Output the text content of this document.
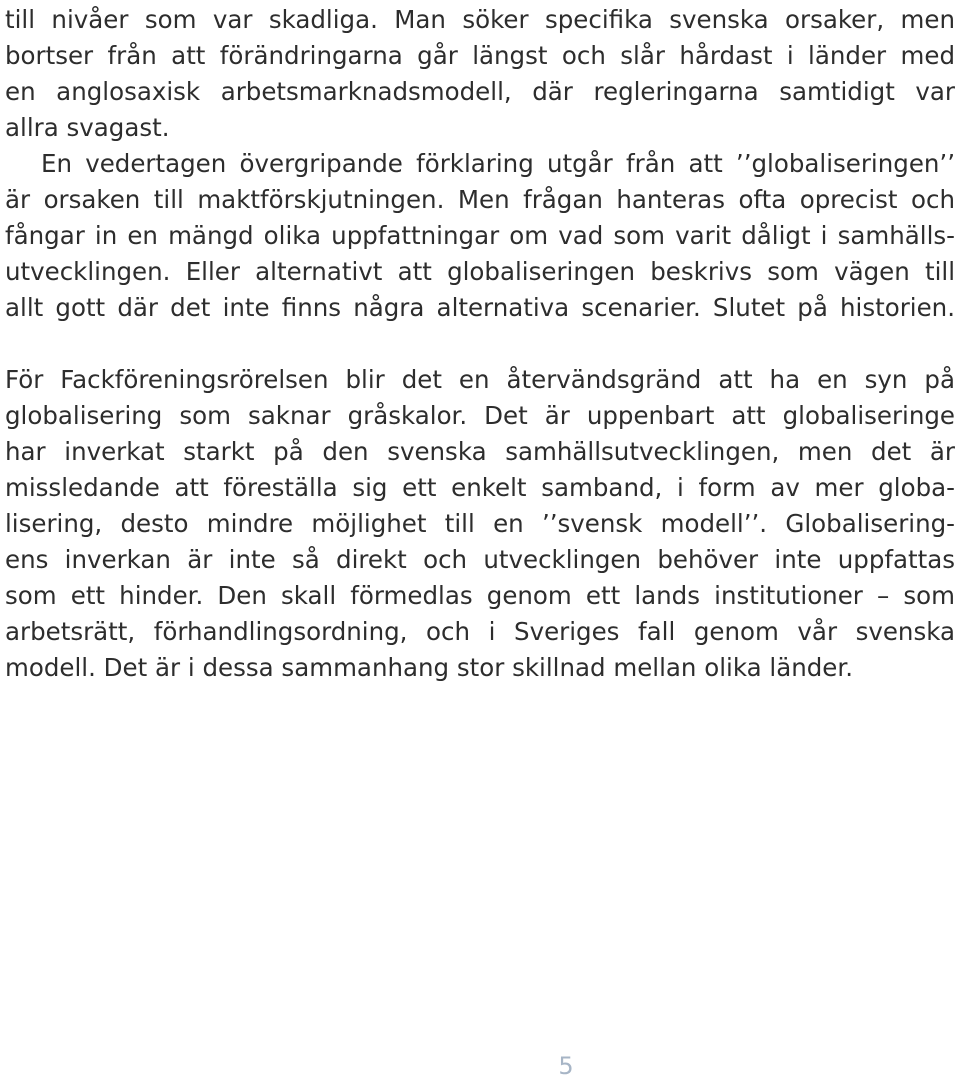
till nivåer som var skadliga. Man söker specifika svenska orsaker, men
bortser från att förändringarna går längst och slår hårdast i länder med
en anglosaxisk arbetsmarknadsmodell, där regleringarna samtidigt var
allra svagast.
En vedertagen övergripande förklaring utgår från att ’’globaliseringen’’
är orsaken till maktförskjutningen. Men frågan hanteras ofta oprecist och
fångar in en mängd olika uppfattningar om vad som varit dåligt i samhälls-
utvecklingen. Eller alternativt att globaliseringen beskrivs som vägen till
allt gott där det inte finns några alternativa scenarier. Slutet på historien.
För Fackföreningsrörelsen blir det en återvändsgränd att ha en syn på
globalisering som saknar gråskalor. Det är uppenbart att globaliseringe
har inverkat starkt på den svenska samhällsutvecklingen, men det är
missledande att föreställa sig ett enkelt samband, i form av mer globa-
lisering, desto mindre möjlighet till en ’’svensk modell’’. Globalisering-
ens inverkan är inte så direkt och utvecklingen behöver inte uppfattas
som ett hinder. Den skall förmedlas genom ett lands institutioner – som
arbetsrätt, förhandlingsordning, och i Sveriges fall genom vår svenska
modell. Det är i dessa sammanhang stor skillnad mellan olika länder.
5
